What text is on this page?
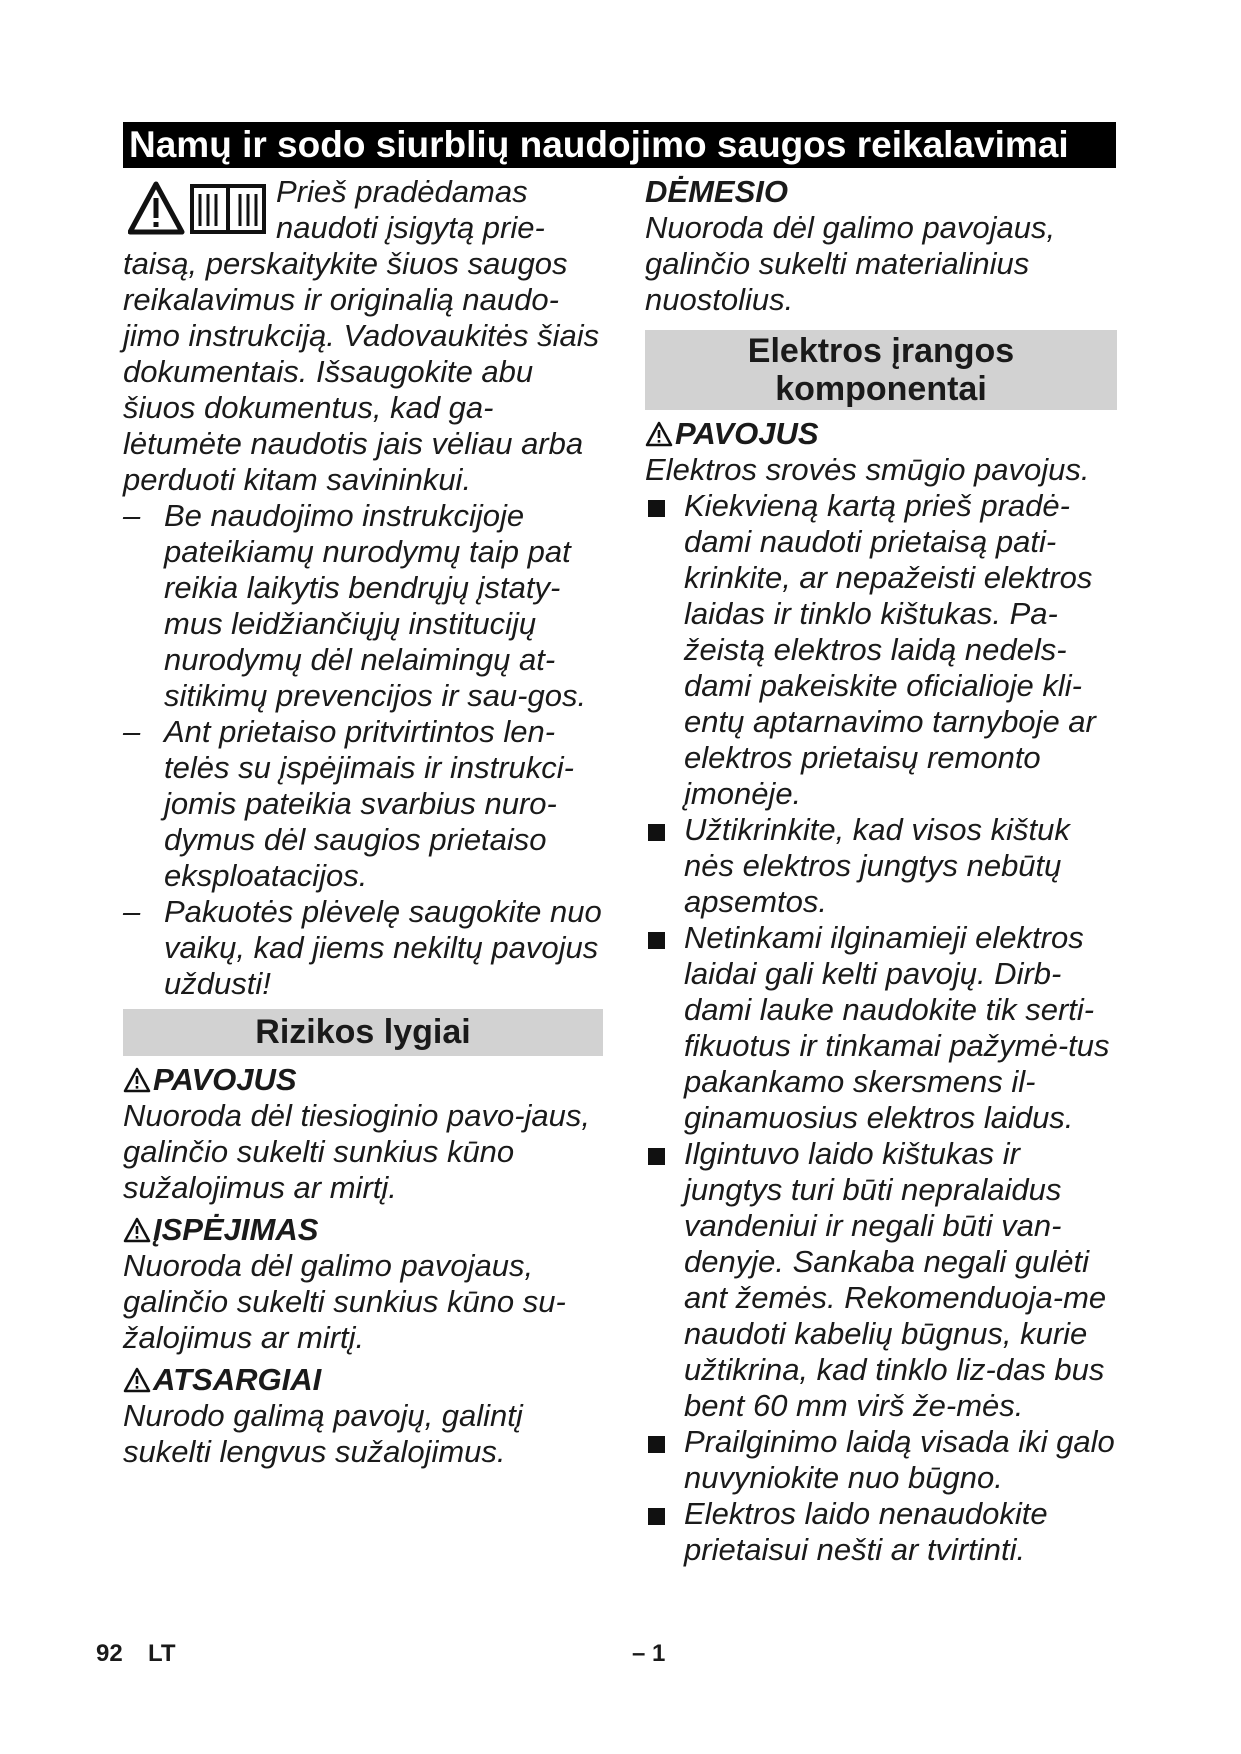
Namų ir sodo siurblių naudojimo saugos reikalavimai
Prieš pradėdamas naudoti įsigytą prie-
taisą, perskaitykite šiuos saugos reikalavimus ir originalią naudo-jimo instrukciją. Vadovaukitės šiais dokumentais. Išsaugokite abu šiuos dokumentus, kad ga-lėtumėte naudotis jais vėliau arba perduoti kitam savininkui.
– Be naudojimo instrukcijoje pateikiamų nurodymų taip pat reikia laikytis bendrųjų įstaty-mus leidžiančiųjų institucijų nurodymų dėl nelaimingų at-sitikimų prevencijos ir sau-gos.
– Ant prietaiso pritvirtintos len-telės su įspėjimais ir instrukci-jomis pateikia svarbius nuro-dymus dėl saugios prietaiso eksploatacijos.
– Pakuotės plėvelę saugokite nuo vaikų, kad jiems nekiltų pavojus uždusti!
Rizikos lygiai
PAVOJUS
Nuoroda dėl tiesioginio pavo-jaus, galinčio sukelti sunkius kūno sužalojimus ar mirtį.
ĮSPĖJIMAS
Nuoroda dėl galimo pavojaus, galinčio sukelti sunkius kūno su-žalojimus ar mirtį.
ATSARGIAI
Nurodo galimą pavojų, galintį sukelti lengvus sužalojimus.
DĖMESIO
Nuoroda dėl galimo pavojaus, galinčio sukelti materialinius nuostolius.
Elektros įrangos komponentai
PAVOJUS
Elektros srovės smūgio pavojus.
Kiekvieną kartą prieš pradė-dami naudoti prietaisą pati-krinkite, ar nepažeisti elektros laidas ir tinklo kištukas. Pa-žeistą elektros laidą nedels-dami pakeiskite oficialioje kli-entų aptarnavimo tarnyboje ar elektros prietaisų remonto įmonėje.
Užtikrinkite, kad visos kištuk nės elektros jungtys nebūtų apsemtos.
Netinkami ilginamieji elektros laidai gali kelti pavojų. Dirb-dami lauke naudokite tik serti-fikuotus ir tinkamai pažymė-tus pakankamo skersmens il-ginamuosius elektros laidus.
Ilgintuvo laido kištukas ir jungtys turi būti nepralaidus vandeniui ir negali būti van-denyje. Sankaba negali gulėti ant žemės. Rekomenduoja-me naudoti kabelių būgnus, kurie užtikrina, kad tinklo liz-das bus bent 60 mm virš že-mės.
Prailginimo laidą visada iki galo nuvyniokite nuo būgno.
Elektros laido nenaudokite prietaisui nešti ar tvirtinti.
92 LT	– 1
